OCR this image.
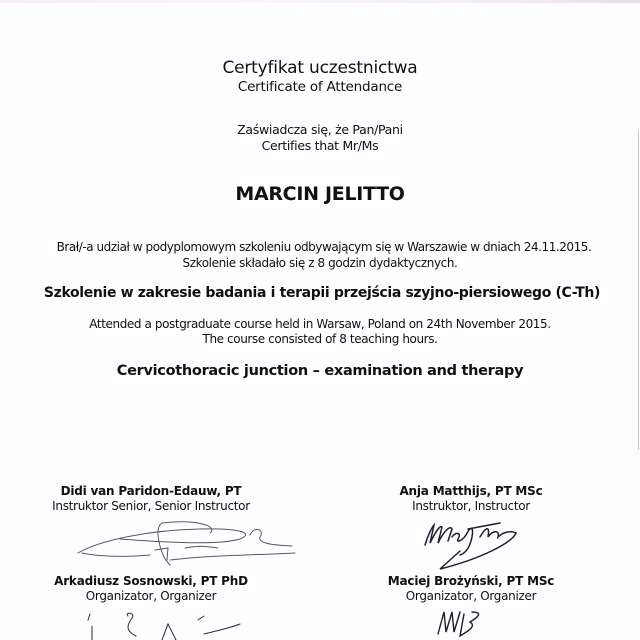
Certyfikat uczestnictwa
Certificate of Attendance
Zaświadcza się, że Pan/Pani
Certifies that Mr/Ms
MARCIN JELITTO
Brał/-a udział w podyplomowym szkoleniu odbywającym się w Warszawie w dniach 24.11.2015.
Szkolenie składało się z 8 godzin dydaktycznych.
Szkolenie w zakresie badania i terapii przejścia szyjno-piersiowego (C-Th)
Attended a postgraduate course held in Warsaw, Poland on 24th November 2015.
The course consisted of 8 teaching hours.
Cervicothoracic junction – examination and therapy
Didi van Paridon-Edauw, PT
Instruktor Senior, Senior Instructor
Anja Matthijs, PT MSc
Instruktor, Instructor
Arkadiusz Sosnowski, PT PhD
Organizator, Organizer
Maciej Brożyński, PT MSc
Organizator, Organizer
